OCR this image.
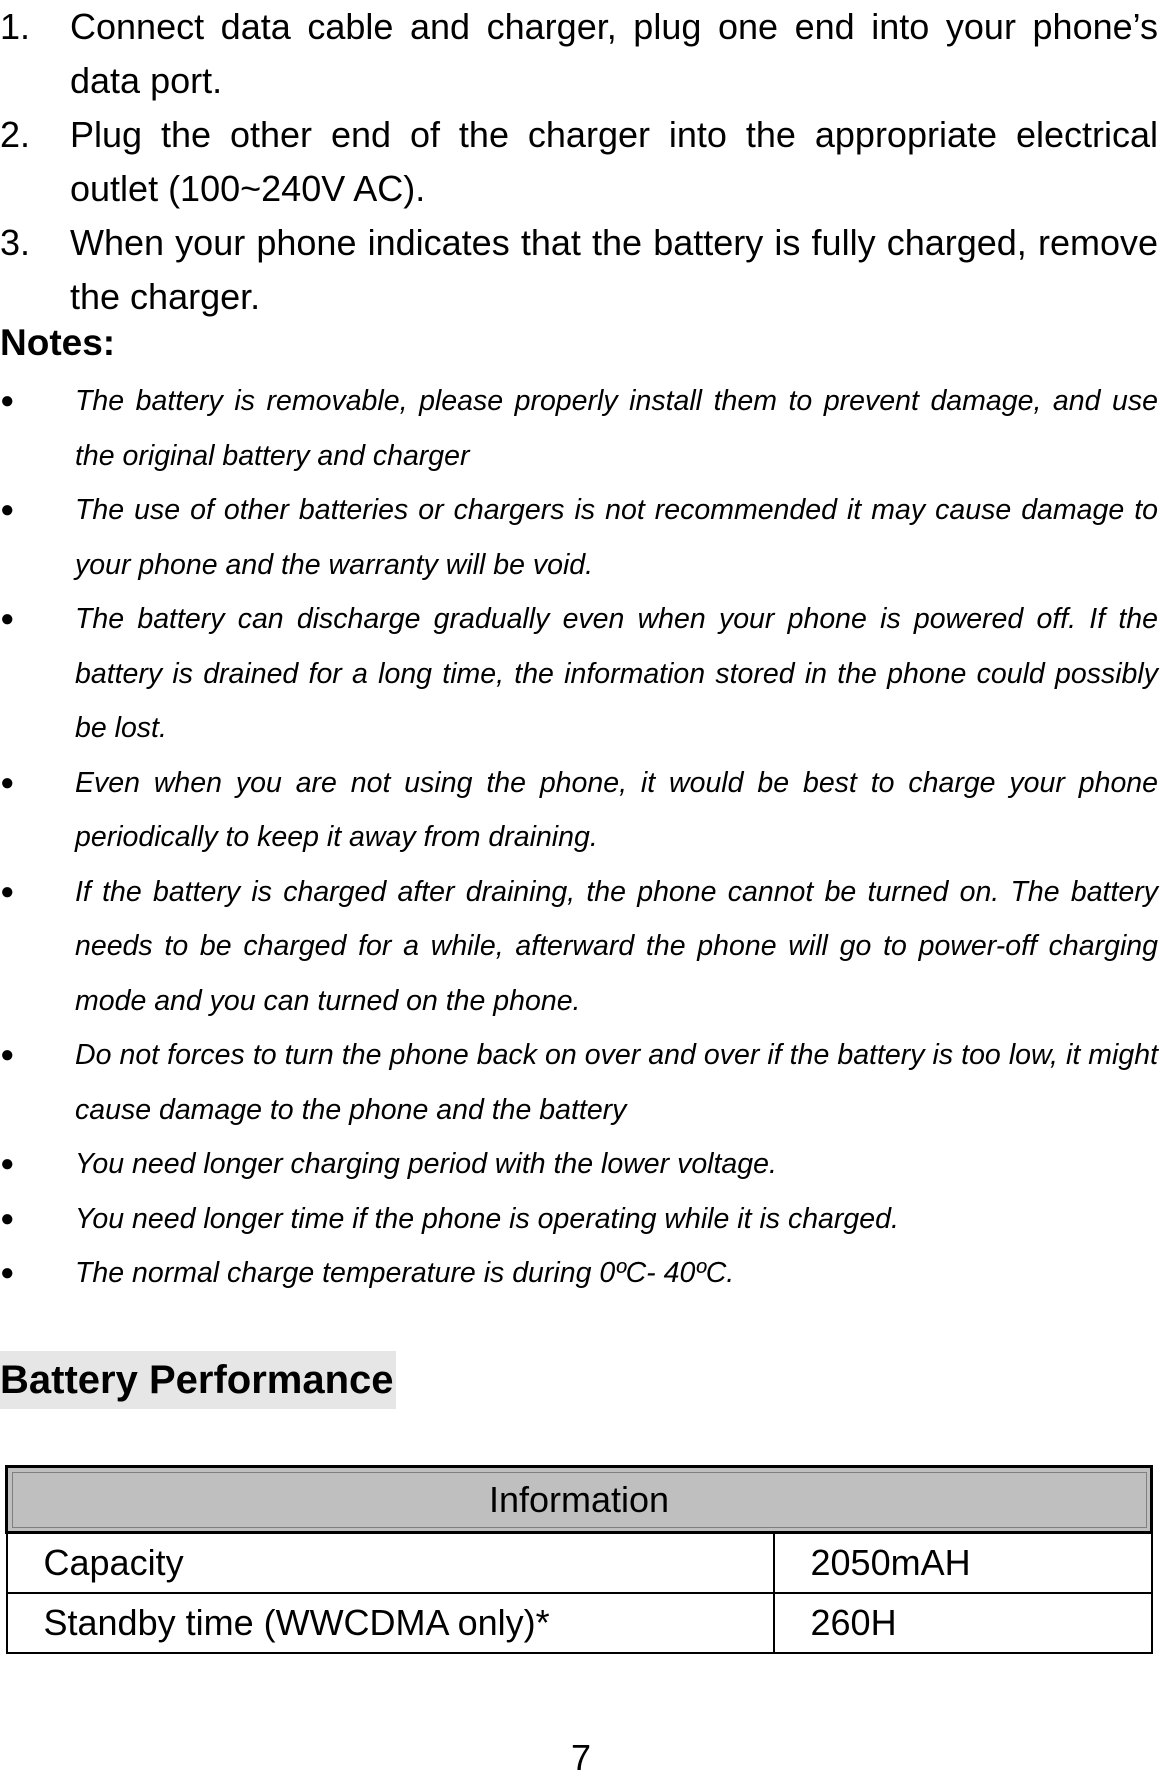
1. Connect data cable and charger, plug one end into your phone’s data port.
2. Plug the other end of the charger into the appropriate electrical outlet (100~240V AC).
3. When your phone indicates that the battery is fully charged, remove the charger.
Notes:
● The battery is removable, please properly install them to prevent damage, and use the original battery and charger
● The use of other batteries or chargers is not recommended it may cause damage to your phone and the warranty will be void.
● The battery can discharge gradually even when your phone is powered off. If the battery is drained for a long time, the information stored in the phone could possibly be lost.
● Even when you are not using the phone, it would be best to charge your phone periodically to keep it away from draining.
● If the battery is charged after draining, the phone cannot be turned on. The battery needs to be charged for a while, afterward the phone will go to power-off charging mode and you can turned on the phone.
● Do not forces to turn the phone back on over and over if the battery is too low, it might cause damage to the phone and the battery
● You need longer charging period with the lower voltage.
● You need longer time if the phone is operating while it is charged.
● The normal charge temperature is during 0ºC- 40ºC.
Battery Performance
Information	
Capacity	2050mAH
Standby time (WWCDMA only)*	260H
7
